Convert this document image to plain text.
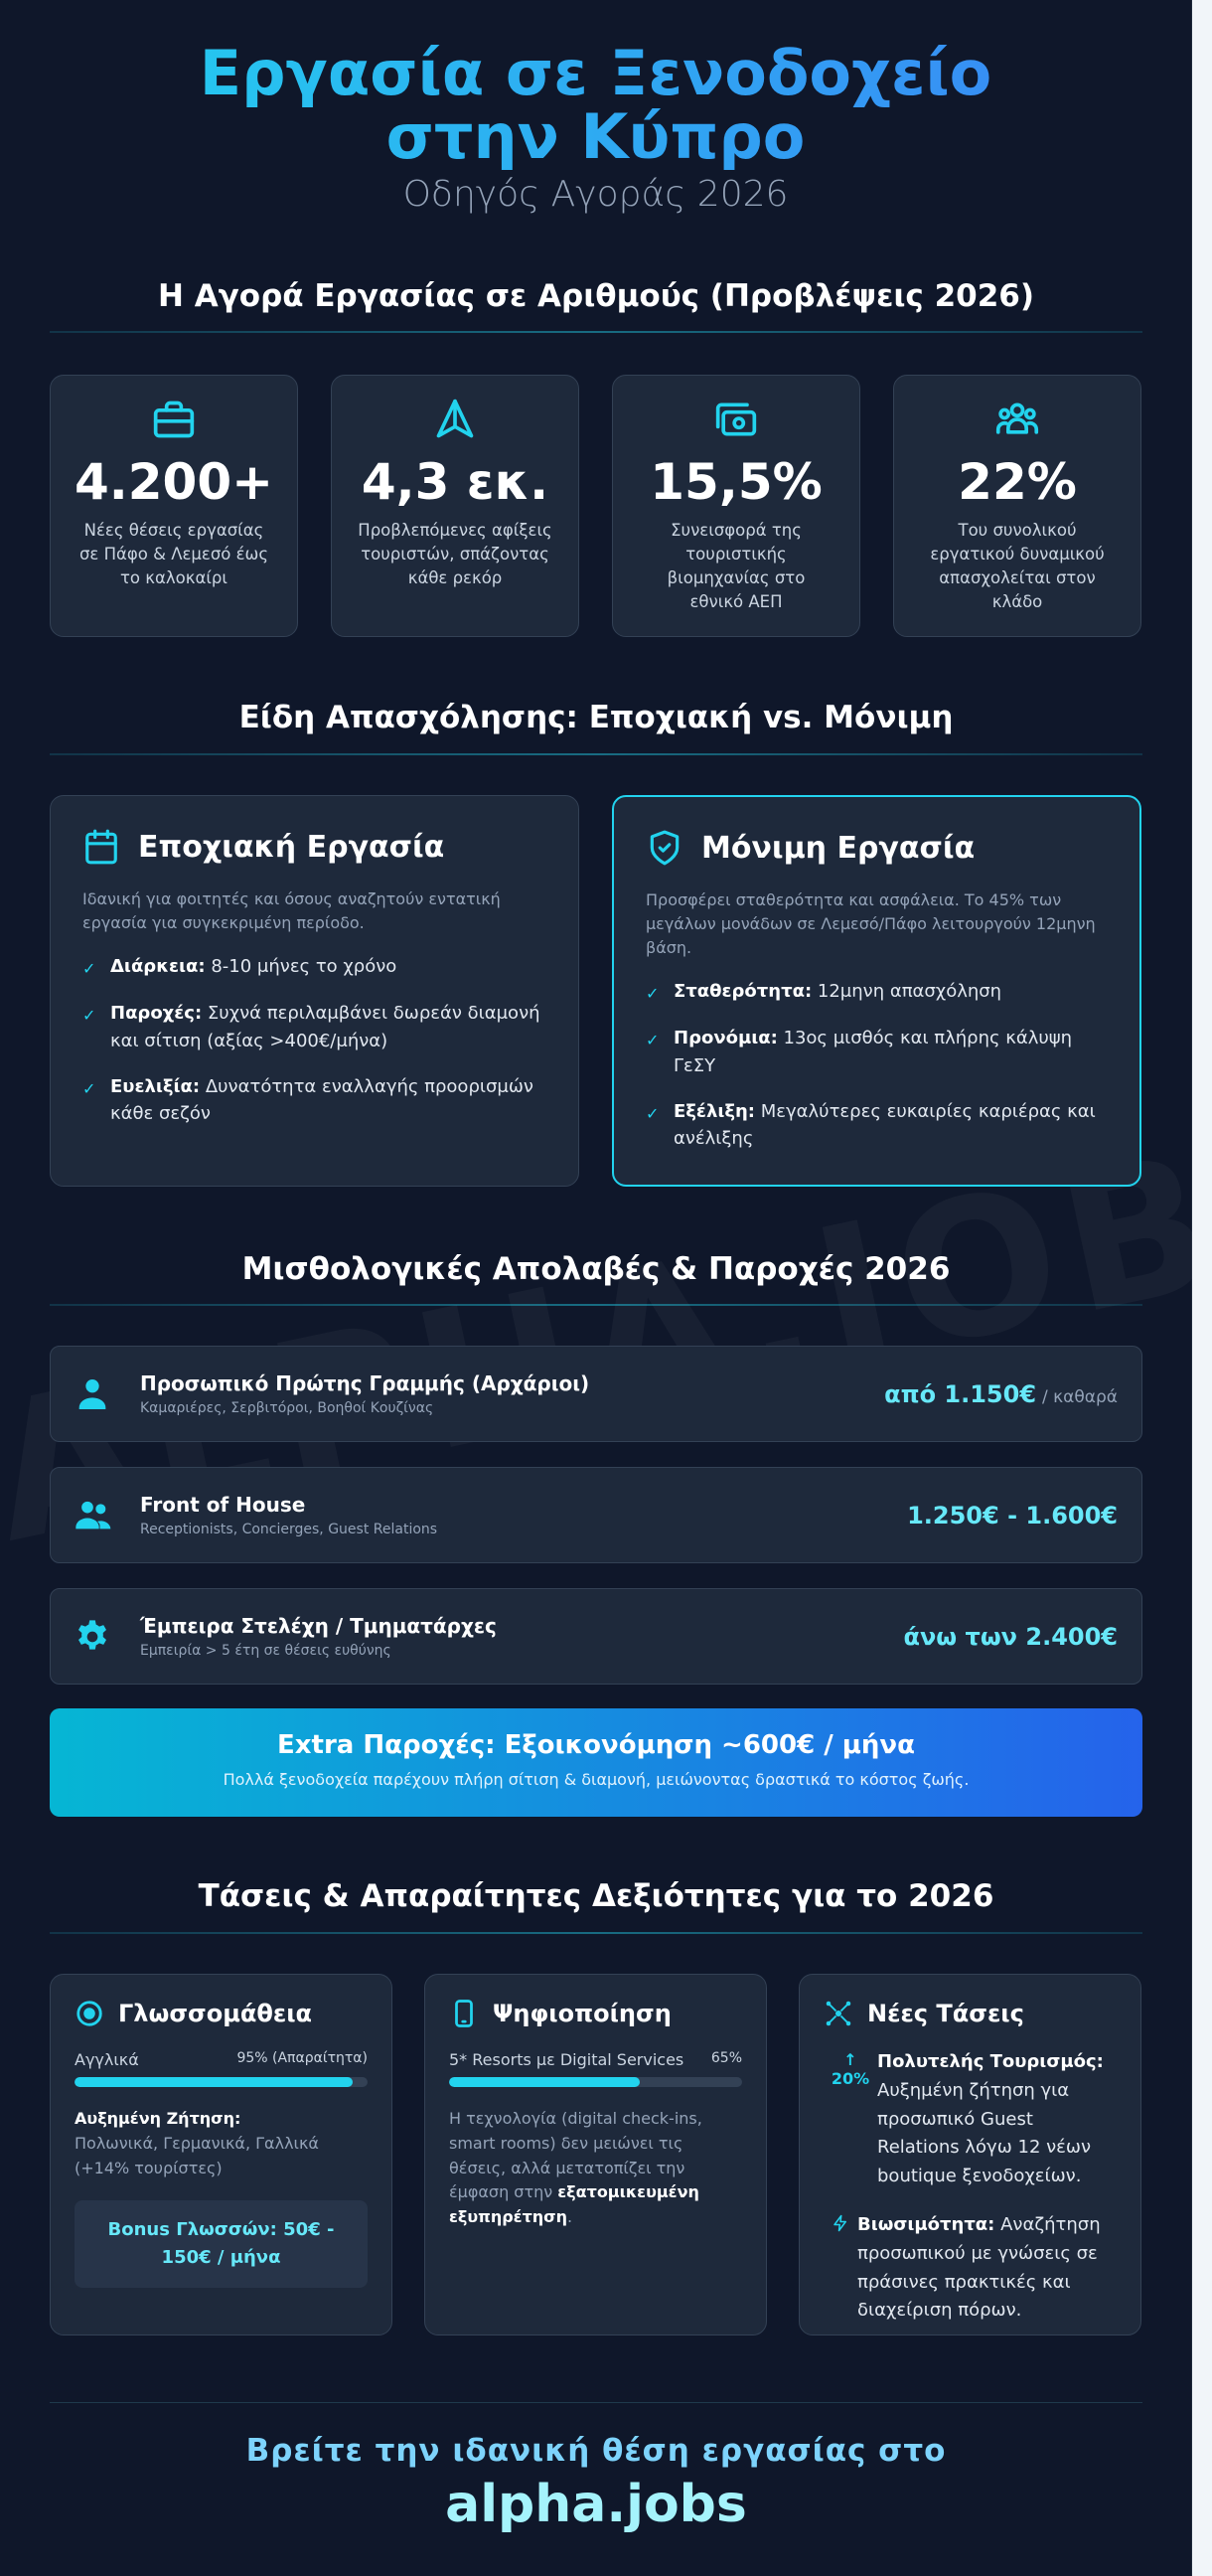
Εργασία σε Ξενοδοχείο στην Κύπρο
Οδηγός Αγοράς 2026
Η Αγορά Εργασίας σε Αριθμούς (Προβλέψεις 2026)
4.200+
Νέες θέσεις εργασίας σε Πάφο & Λεμεσό έως το καλοκαίρι
4,3 εκ.
Προβλεπόμενες αφίξεις τουριστών, σπάζοντας κάθε ρεκόρ
15,5%
Συνεισφορά της τουριστικής βιομηχανίας στο εθνικό ΑΕΠ
22%
Του συνολικού εργατικού δυναμικού απασχολείται στον κλάδο
Είδη Απασχόλησης: Εποχιακή vs. Μόνιμη
Εποχιακή Εργασία
Ιδανική για φοιτητές και όσους αναζητούν εντατική εργασία για συγκεκριμένη περίοδο.
✓ Διάρκεια: 8-10 μήνες το χρόνο
✓ Παροχές: Συχνά περιλαμβάνει δωρεάν διαμονή και σίτιση (αξίας >400€/μήνα)
✓ Ευελιξία: Δυνατότητα εναλλαγής προορισμών κάθε σεζόν
Μόνιμη Εργασία
Προσφέρει σταθερότητα και ασφάλεια. Το 45% των μεγάλων μονάδων σε Λεμεσό/Πάφο λειτουργούν 12μηνη βάση.
✓ Σταθερότητα: 12μηνη απασχόληση
✓ Προνόμια: 13ος μισθός και πλήρης κάλυψη ΓεΣΥ
✓ Εξέλιξη: Μεγαλύτερες ευκαιρίες καριέρας και ανέλιξης
Μισθολογικές Απολαβές & Παροχές 2026
Προσωπικό Πρώτης Γραμμής (Αρχάριοι)
Καμαριέρες, Σερβιτόροι, Βοηθοί Κουζίνας
από 1.150€ / καθαρά
Front of House
Receptionists, Concierges, Guest Relations
1.250€ - 1.600€
Έμπειρα Στελέχη / Τμηματάρχες
Εμπειρία > 5 έτη σε θέσεις ευθύνης
άνω των 2.400€
Extra Παροχές: Εξοικονόμηση ~600€ / μήνα
Πολλά ξενοδοχεία παρέχουν πλήρη σίτιση & διαμονή, μειώνοντας δραστικά το κόστος ζωής.
Τάσεις & Απαραίτητες Δεξιότητες για το 2026
Γλωσσομάθεια
Αγγλικά	95% (Απαραίτητα)
Αυξημένη Ζήτηση:
Πολωνικά, Γερμανικά, Γαλλικά (+14% τουρίστες)
Bonus Γλωσσών: 50€ - 150€ / μήνα
Ψηφιοποίηση
5* Resorts με Digital Services 65%
Η τεχνολογία (digital check-ins, smart rooms) δεν μειώνει τις θέσεις, αλλά μετατοπίζει την έμφαση στην εξατομικευμένη εξυπηρέτηση.
Νέες Τάσεις
↑
20%
Πολυτελής Τουρισμός:
Αυξημένη ζήτηση για προσωπικό Guest Relations λόγω 12 νέων boutique ξενοδοχείων.
Βιωσιμότητα: Αναζήτηση προσωπικού με γνώσεις σε πράσινες πρακτικές και διαχείριση πόρων.
Βρείτε την ιδανική θέση εργασίας στο
alpha.jobs
